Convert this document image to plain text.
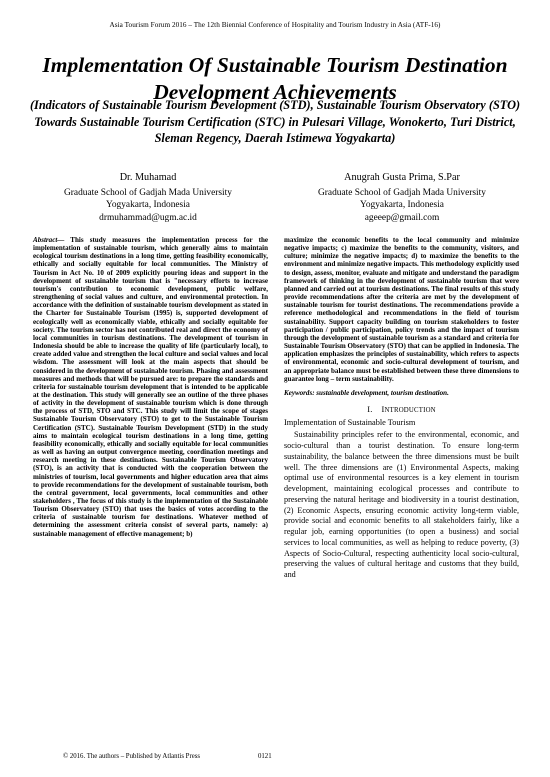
Asia Tourism Forum 2016 – The 12th Biennial Conference of Hospitality and Tourism Industry in Asia (ATF-16)
Implementation Of Sustainable Tourism Destination Development Achievements
(Indicators of Sustainable Tourism Development (STD), Sustainable Tourism Observatory (STO) Towards Sustainable Tourism Certification (STC) in Pulesari Village, Wonokerto, Turi District, Sleman Regency, Daerah Istimewa Yogyakarta)
Dr. Muhamad
Graduate School of Gadjah Mada University
Yogyakarta, Indonesia
drmuhammad@ugm.ac.id
Anugrah Gusta Prima, S.Par
Graduate School of Gadjah Mada University
Yogyakarta, Indonesia
ageeep@gmail.com

Abstract— This study measures the implementation process for the implementation of sustainable tourism, which generally aims to maintain ecological tourism destinations in a long time, getting feasibility economically, ethically and socially equitable for local communities. The Ministry of Tourism in Act No. 10 of 2009 explicitly pouring ideas and support in the development of sustainable tourism that is "necessary efforts to increase tourism's contribution to economic development, public welfare, strengthening of social values and culture, and environmental protection. In accordance with the definition of sustainable tourism development as stated in the Charter for Sustainable Tourism (1995) is, supported development of ecologically well as economically viable, ethically and socially equitable for society. The tourism sector has not contributed real and direct the economy of local communities in tourism destinations. The development of tourism in Indonesia should be able to increase the quality of life (particularly local), to create added value and strengthen the local culture and social values and local wisdom. The assessment will look at the main aspects that should be considered in the development of sustainable tourism. Phasing and assessment measures and methods that will be pursued are: to prepare the standards and criteria for sustainable tourism development that is intended to be applicable at the destination. This study will generally see an outline of the three phases of activity in the development of sustainable tourism which is done through the process of STD, STO and STC. This study will limit the scope of stages Sustainable Tourism Observatory (STO) to get to the Sustainable Tourism Certification (STC). Sustainable Tourism Development (STD) in the study aims to maintain ecological tourism destinations in a long time, getting feasibility economically, ethically and socially equitable for local communities as well as having an output convergence meeting, coordination meetings and research meeting in these destinations. Sustainable Tourism Observatory (STO), is an activity that is conducted with the cooperation between the ministries of tourism, local governments and higher education area that aims to provide recommendations for the development of sustainable tourism, both the central government, local governments, local communities and other stakeholders , The focus of this study is the implementation of the Sustainable Tourism Observatory (STO) that uses the basics of votes according to the criteria of sustainable tourism for destinations. Whatever method of determining the assessment criteria consist of several parts, namely: a) sustainable management of effective management; b)

maximize the economic benefits to the local community and minimize negative impacts; c) maximize the benefits to the community, visitors, and culture; minimize the negative impacts; d) to maximize the benefits to the environment and minimize negative impacts. This methodology explicitly used to design, assess, monitor, evaluate and mitigate and understand the paradigm framework of thinking in the development of sustainable tourism that were planned and carried out at tourism destinations. The final results of this study provide recommendations after the criteria are met by the development of sustainable tourism for tourist destinations. The recommendations provide a reference methodological and recommendations in the field of tourism sustainability. Support capacity building on tourism stakeholders to foster participation / public participation, policy trends and the impact of tourism through the development of sustainable tourism as a standard and criteria for Sustainable Tourism Observatory (STO) that can be applied in Indonesia. The application emphasizes the principles of sustainability, which refers to aspects of environmental, economic and socio-cultural development of tourism, and an appropriate balance must be established between these three dimensions to guarantee long – term sustainability.

Keywords: sustainable development, tourism destination.

I. INTRODUCTION
Implementation of Sustainable Tourism

Sustainability principles refer to the environmental, economic, and socio-cultural than a tourist destination. To ensure long-term sustainability, the balance between the three dimensions must be built well. The three dimensions are (1) Environmental Aspects, making optimal use of environmental resources is a key element in tourism development, maintaining ecological processes and contribute to preserving the natural heritage and biodiversity in a tourist destination, (2) Economic Aspects, ensuring economic activity long-term viable, provide social and economic benefits to all stakeholders fairly, like a regular job, earning opportunities (to open a business) and social services to local communities, as well as helping to reduce poverty, (3) Aspects of Socio-Cultural, respecting authenticity local socio-cultural, preserving the values of cultural heritage and customs that they build, and

© 2016. The authors – Published by Atlantis Press	0121
